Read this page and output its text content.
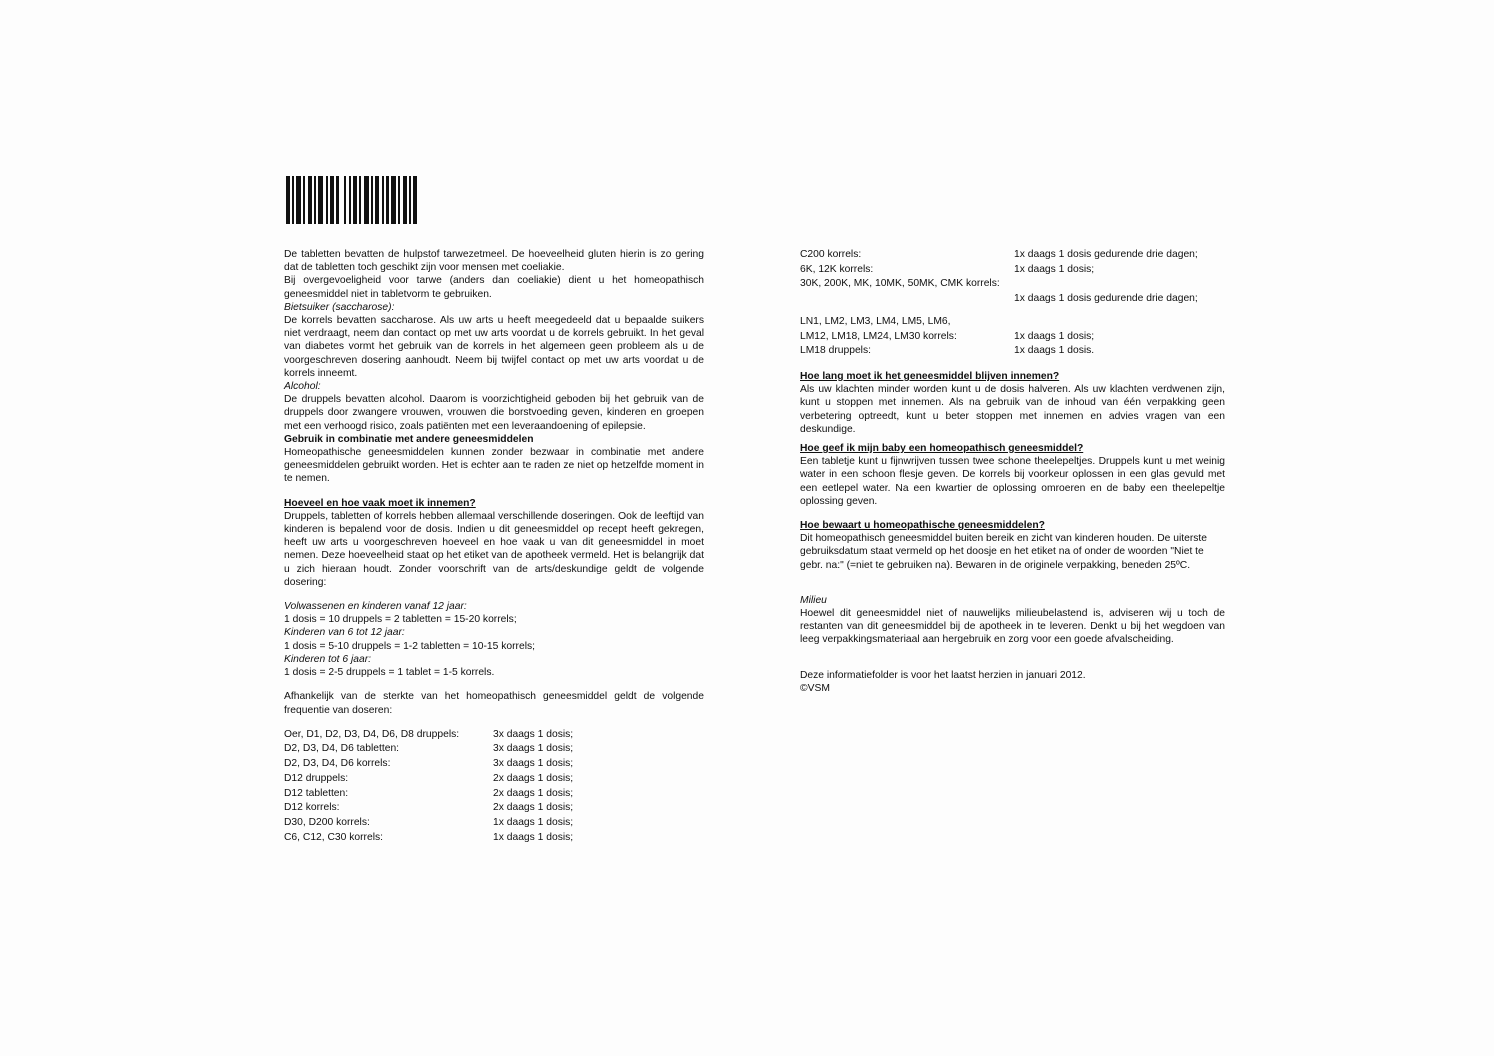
De tabletten bevatten de hulpstof tarwezetmeel. De hoeveelheid gluten hierin is zo gering dat de tabletten toch geschikt zijn voor mensen met coeliakie.

Bij overgevoeligheid voor tarwe (anders dan coeliakie) dient u het homeopathisch geneesmiddel niet in tabletvorm te gebruiken.

Bietsuiker (saccharose):

De korrels bevatten saccharose. Als uw arts u heeft meegedeeld dat u bepaalde suikers niet verdraagt, neem dan contact op met uw arts voordat u de korrels gebruikt. In het geval van diabetes vormt het gebruik van de korrels in het algemeen geen probleem als u de voorgeschreven dosering aanhoudt. Neem bij twijfel contact op met uw arts voordat u de korrels inneemt.

Alcohol:

De druppels bevatten alcohol. Daarom is voorzichtigheid geboden bij het gebruik van de druppels door zwangere vrouwen, vrouwen die borstvoeding geven, kinderen en groepen met een verhoogd risico, zoals patiënten met een leveraandoening of epilepsie.

Gebruik in combinatie met andere geneesmiddelen

Homeopathische geneesmiddelen kunnen zonder bezwaar in combinatie met andere geneesmiddelen gebruikt worden. Het is echter aan te raden ze niet op hetzelfde moment in te nemen.

Hoeveel en hoe vaak moet ik innemen?

Druppels, tabletten of korrels hebben allemaal verschillende doseringen. Ook de leeftijd van kinderen is bepalend voor de dosis. Indien u dit geneesmiddel op recept heeft gekregen, heeft uw arts u voorgeschreven hoeveel en hoe vaak u van dit geneesmiddel in moet nemen. Deze hoeveelheid staat op het etiket van de apotheek vermeld. Het is belangrijk dat u zich hieraan houdt. Zonder voorschrift van de arts/deskundige geldt de volgende dosering:

Volwassenen en kinderen vanaf 12 jaar:

1 dosis = 10 druppels = 2 tabletten = 15-20 korrels;

Kinderen van 6 tot 12 jaar:

1 dosis = 5-10 druppels = 1-2 tabletten = 10-15 korrels;

Kinderen tot 6 jaar:

1 dosis = 2-5 druppels = 1 tablet = 1-5 korrels.

Afhankelijk van de sterkte van het homeopathisch geneesmiddel geldt de volgende frequentie van doseren:

Oer, D1, D2, D3, D4, D6, D8 druppels:	3x daags 1 dosis;
D2, D3, D4, D6 tabletten:	3x daags 1 dosis;
D2, D3, D4, D6 korrels:	3x daags 1 dosis;
D12 druppels:	2x daags 1 dosis;
D12 tabletten:	2x daags 1 dosis;
D12 korrels:	2x daags 1 dosis;
D30, D200 korrels:	1x daags 1 dosis;
C6, C12, C30 korrels:	1x daags 1 dosis;
C200 korrels:	1x daags 1 dosis gedurende drie dagen;
6K, 12K korrels:	1x daags 1 dosis;
30K, 200K, MK, 10MK, 50MK, CMK korrels:	
	1x daags 1 dosis gedurende drie dagen;
LN1, LM2, LM3, LM4, LM5, LM6,	
LM12, LM18, LM24, LM30 korrels:	1x daags 1 dosis;
LM18 druppels:	1x daags 1 dosis.

Hoe lang moet ik het geneesmiddel blijven innemen?

Als uw klachten minder worden kunt u de dosis halveren. Als uw klachten verdwenen zijn, kunt u stoppen met innemen. Als na gebruik van de inhoud van één verpakking geen verbetering optreedt, kunt u beter stoppen met innemen en advies vragen van een deskundige.

Hoe geef ik mijn baby een homeopathisch geneesmiddel?

Een tabletje kunt u fijnwrijven tussen twee schone theelepeltjes. Druppels kunt u met weinig water in een schoon flesje geven. De korrels bij voorkeur oplossen in een glas gevuld met een eetlepel water. Na een kwartier de oplossing omroeren en de baby een theelepeltje oplossing geven.

Hoe bewaart u homeopathische geneesmiddelen?

Dit homeopathisch geneesmiddel buiten bereik en zicht van kinderen houden. De uiterste gebruiksdatum staat vermeld op het doosje en het etiket na of onder de woorden "Niet te gebr. na:" (=niet te gebruiken na). Bewaren in de originele verpakking, beneden 25ºC.

Milieu

Hoewel dit geneesmiddel niet of nauwelijks milieubelastend is, adviseren wij u toch de restanten van dit geneesmiddel bij de apotheek in te leveren. Denkt u bij het wegdoen van leeg verpakkingsmateriaal aan hergebruik en zorg voor een goede afvalscheiding.

Deze informatiefolder is voor het laatst herzien in januari 2012.

©VSM
